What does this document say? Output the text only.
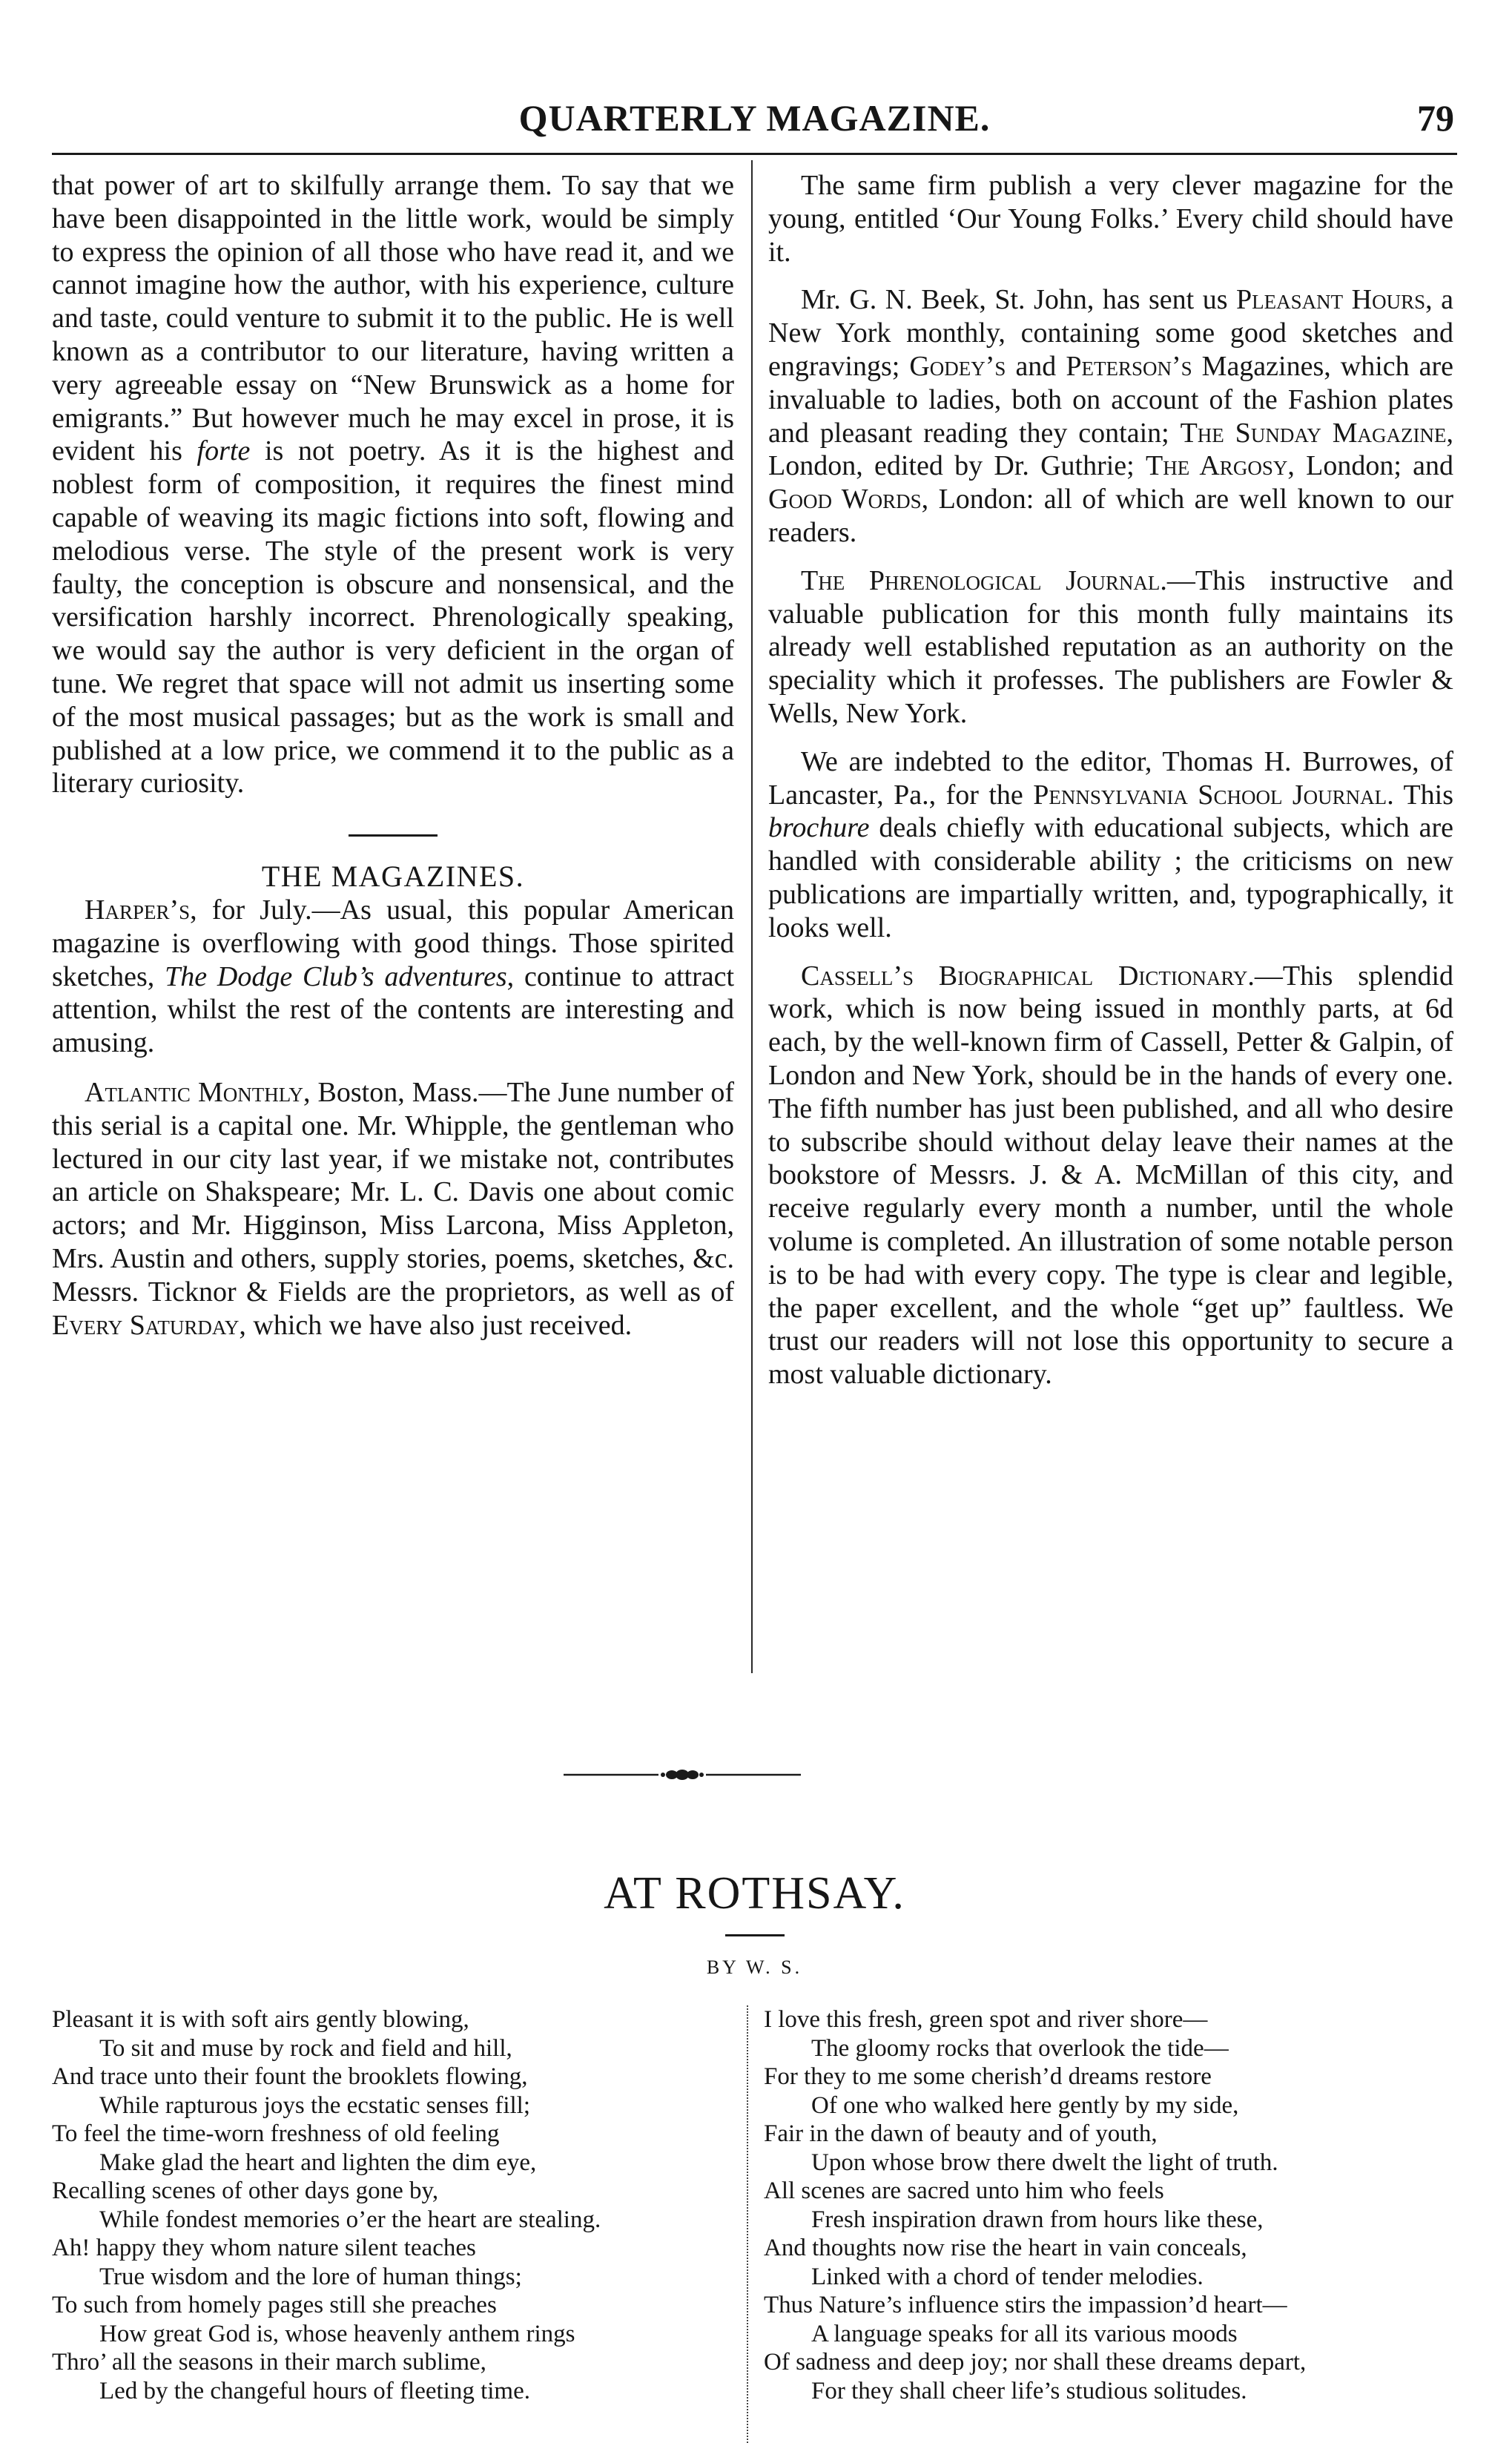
QUARTERLY MAGAZINE.	79

that power of art to skilfully arrange them. To say that we have been disappointed in the little work, would be simply to express the opinion of all those who have read it, and we cannot imagine how the author, with his experience, culture and taste, could venture to submit it to the public. He is well known as a contributor to our literature, having written a very agreeable essay on “New Brunswick as a home for emigrants.” But however much he may excel in prose, it is evident his forte is not poetry. As it is the highest and noblest form of composition, it requires the finest mind capable of weaving its magic fictions into soft, flowing and melodious verse. The style of the present work is very faulty, the conception is obscure and nonsensical, and the versification harshly incorrect. Phrenologically speaking, we would say the author is very deficient in the organ of tune. We regret that space will not admit us inserting some of the most musical passages; but as the work is small and published at a low price, we commend it to the public as a literary curiosity.

THE MAGAZINES.

Harper’s, for July.—As usual, this popular American magazine is overflowing with good things. Those spirited sketches, The Dodge Club’s adventures, continue to attract attention, whilst the rest of the contents are interesting and amusing.

Atlantic Monthly, Boston, Mass.—The June number of this serial is a capital one. Mr. Whipple, the gentleman who lectured in our city last year, if we mistake not, contributes an article on Shakspeare; Mr. L. C. Davis one about comic actors; and Mr. Higginson, Miss Larcona, Miss Appleton, Mrs. Austin and others, supply stories, poems, sketches, &c. Messrs. Ticknor & Fields are the proprietors, as well as of Every Saturday, which we have also just received.

The same firm publish a very clever magazine for the young, entitled ‘Our Young Folks.’ Every child should have it.

Mr. G. N. Beek, St. John, has sent us Pleasant Hours, a New York monthly, containing some good sketches and engravings; Godey’s and Peterson’s Magazines, which are invaluable to ladies, both on account of the Fashion plates and pleasant reading they contain; The Sunday Magazine, London, edited by Dr. Guthrie; The Argosy, London; and Good Words, London: all of which are well known to our readers.

The Phrenological Journal.—This instructive and valuable publication for this month fully maintains its already well established reputation as an authority on the speciality which it professes. The publishers are Fowler & Wells, New York.

We are indebted to the editor, Thomas H. Burrowes, of Lancaster, Pa., for the Pennsylvania School Journal. This brochure deals chiefly with educational subjects, which are handled with considerable ability ; the criticisms on new publications are impartially written, and, typographically, it looks well.

Cassell’s Biographical Dictionary.—This splendid work, which is now being issued in monthly parts, at 6d each, by the well-known firm of Cassell, Petter & Galpin, of London and New York, should be in the hands of every one. The fifth number has just been published, and all who desire to subscribe should without delay leave their names at the bookstore of Messrs. J. & A. McMillan of this city, and receive regularly every month a number, until the whole volume is completed. An illustration of some notable person is to be had with every copy. The type is clear and legible, the paper excellent, and the whole “get up” faultless. We trust our readers will not lose this opportunity to secure a most valuable dictionary.

AT ROTHSAY.
BY W. S.
Pleasant it is with soft airs gently blowing,
To sit and muse by rock and field and hill,
And trace unto their fount the brooklets flowing,
While rapturous joys the ecstatic senses fill;
To feel the time-worn freshness of old feeling
Make glad the heart and lighten the dim eye,
Recalling scenes of other days gone by,
While fondest memories o’er the heart are stealing.
Ah! happy they whom nature silent teaches
True wisdom and the lore of human things;
To such from homely pages still she preaches
How great God is, whose heavenly anthem rings
Thro’ all the seasons in their march sublime,
Led by the changeful hours of fleeting time.
I love this fresh, green spot and river shore—
The gloomy rocks that overlook the tide—
For they to me some cherish’d dreams restore
Of one who walked here gently by my side,
Fair in the dawn of beauty and of youth,
Upon whose brow there dwelt the light of truth.
All scenes are sacred unto him who feels
Fresh inspiration drawn from hours like these,
And thoughts now rise the heart in vain conceals,
Linked with a chord of tender melodies.
Thus Nature’s influence stirs the impassion’d heart—
A language speaks for all its various moods
Of sadness and deep joy; nor shall these dreams depart,
For they shall cheer life’s studious solitudes.
